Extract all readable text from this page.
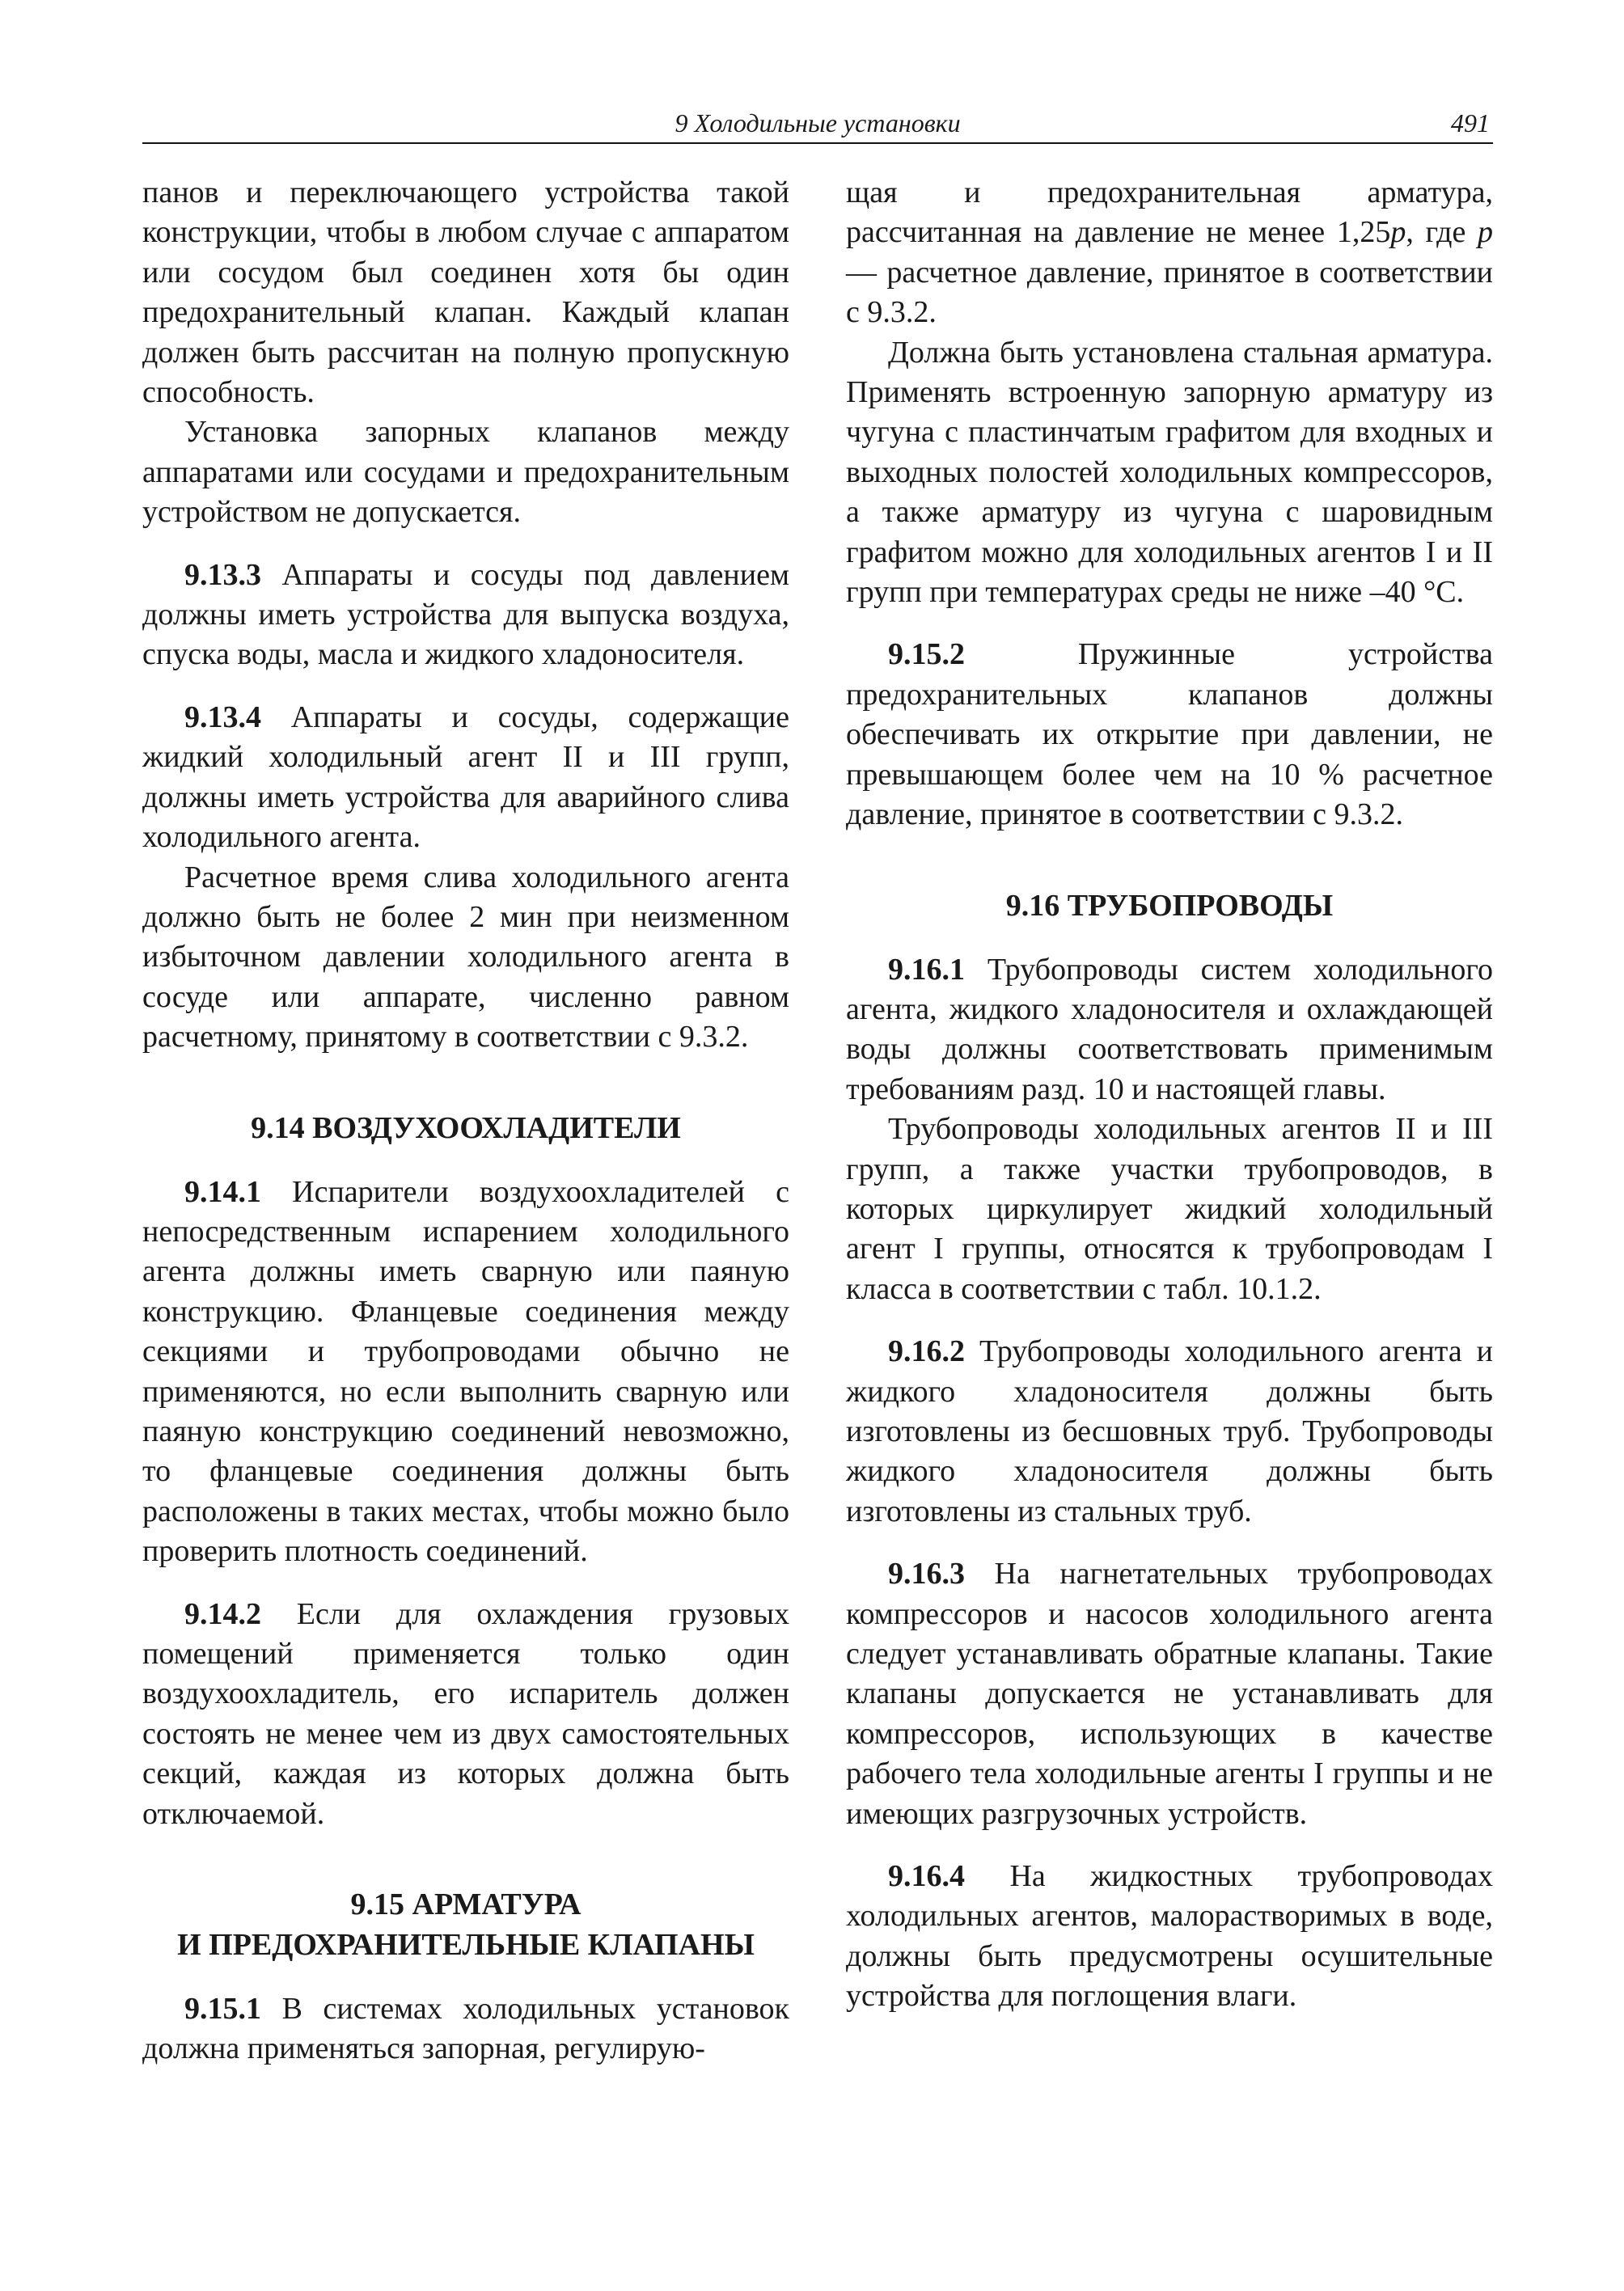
9 Холодильные установки	491

панов и переключающего устройства такой конструкции, чтобы в любом случае с аппаратом или сосудом был соединен хотя бы один предохранительный клапан. Каждый клапан должен быть рассчитан на полную пропускную способность.

Установка запорных клапанов между аппаратами или сосудами и предохранительным устройством не допускается.

9.13.3 Аппараты и сосуды под давлением должны иметь устройства для выпуска воздуха, спуска воды, масла и жидкого хладоносителя.

9.13.4 Аппараты и сосуды, содержащие жидкий холодильный агент II и III групп, должны иметь устройства для аварийного слива холодильного агента.

Расчетное время слива холодильного агента должно быть не более 2 мин при неизменном избыточном давлении холодильного агента в сосуде или аппарате, численно равном расчетному, принятому в соответствии с 9.3.2.

9.14 ВОЗДУХООХЛАДИТЕЛИ

9.14.1 Испарители воздухоохладителей с непосредственным испарением холодильного агента должны иметь сварную или паяную конструкцию. Фланцевые соединения между секциями и трубопроводами обычно не применяются, но если выполнить сварную или паяную конструкцию соединений невозможно, то фланцевые соединения должны быть расположены в таких местах, чтобы можно было проверить плотность соединений.

9.14.2 Если для охлаждения грузовых помещений применяется только один воздухоохладитель, его испаритель должен состоять не менее чем из двух самостоятельных секций, каждая из которых должна быть отключаемой.

9.15 АРМАТУРА
И ПРЕДОХРАНИТЕЛЬНЫЕ КЛАПАНЫ

9.15.1 В системах холодильных установок должна применяться запорная, регулирую-

щая и предохранительная арматура, рассчитанная на давление не менее 1,25р, где р — расчетное давление, принятое в соответствии с 9.3.2.

Должна быть установлена стальная арматура. Применять встроенную запорную арматуру из чугуна с пластинчатым графитом для входных и выходных полостей холодильных компрессоров, а также арматуру из чугуна с шаровидным графитом можно для холодильных агентов I и II групп при температурах среды не ниже –40 °С.

9.15.2	Пружинные устройства предохранительных клапанов должны обеспечивать их открытие при давлении, не превышающем более чем на 10 % расчетное давление, принятое в соответствии с 9.3.2.

9.16 ТРУБОПРОВОДЫ

9.16.1 Трубопроводы систем холодильного агента, жидкого хладоносителя и охлаждающей воды должны соответствовать применимым требованиям разд. 10 и настоящей главы.

Трубопроводы холодильных агентов II и III групп, а также участки трубопроводов, в которых циркулирует жидкий холодильный агент I группы, относятся к трубопроводам I класса в соответствии с табл. 10.1.2.

9.16.2 Трубопроводы холодильного агента и жидкого хладоносителя должны быть изготовлены из бесшовных труб. Трубопроводы жидкого хладоносителя должны быть изготовлены из стальных труб.

9.16.3 На нагнетательных трубопроводах компрессоров и насосов холодильного агента следует устанавливать обратные клапаны. Такие клапаны допускается не устанавливать для компрессоров, использующих в качестве рабочего тела холодильные агенты I группы и не имеющих разгрузочных устройств.

9.16.4 На жидкостных трубопроводах холодильных агентов, малорастворимых в воде, должны быть предусмотрены осушительные устройства для поглощения влаги.
